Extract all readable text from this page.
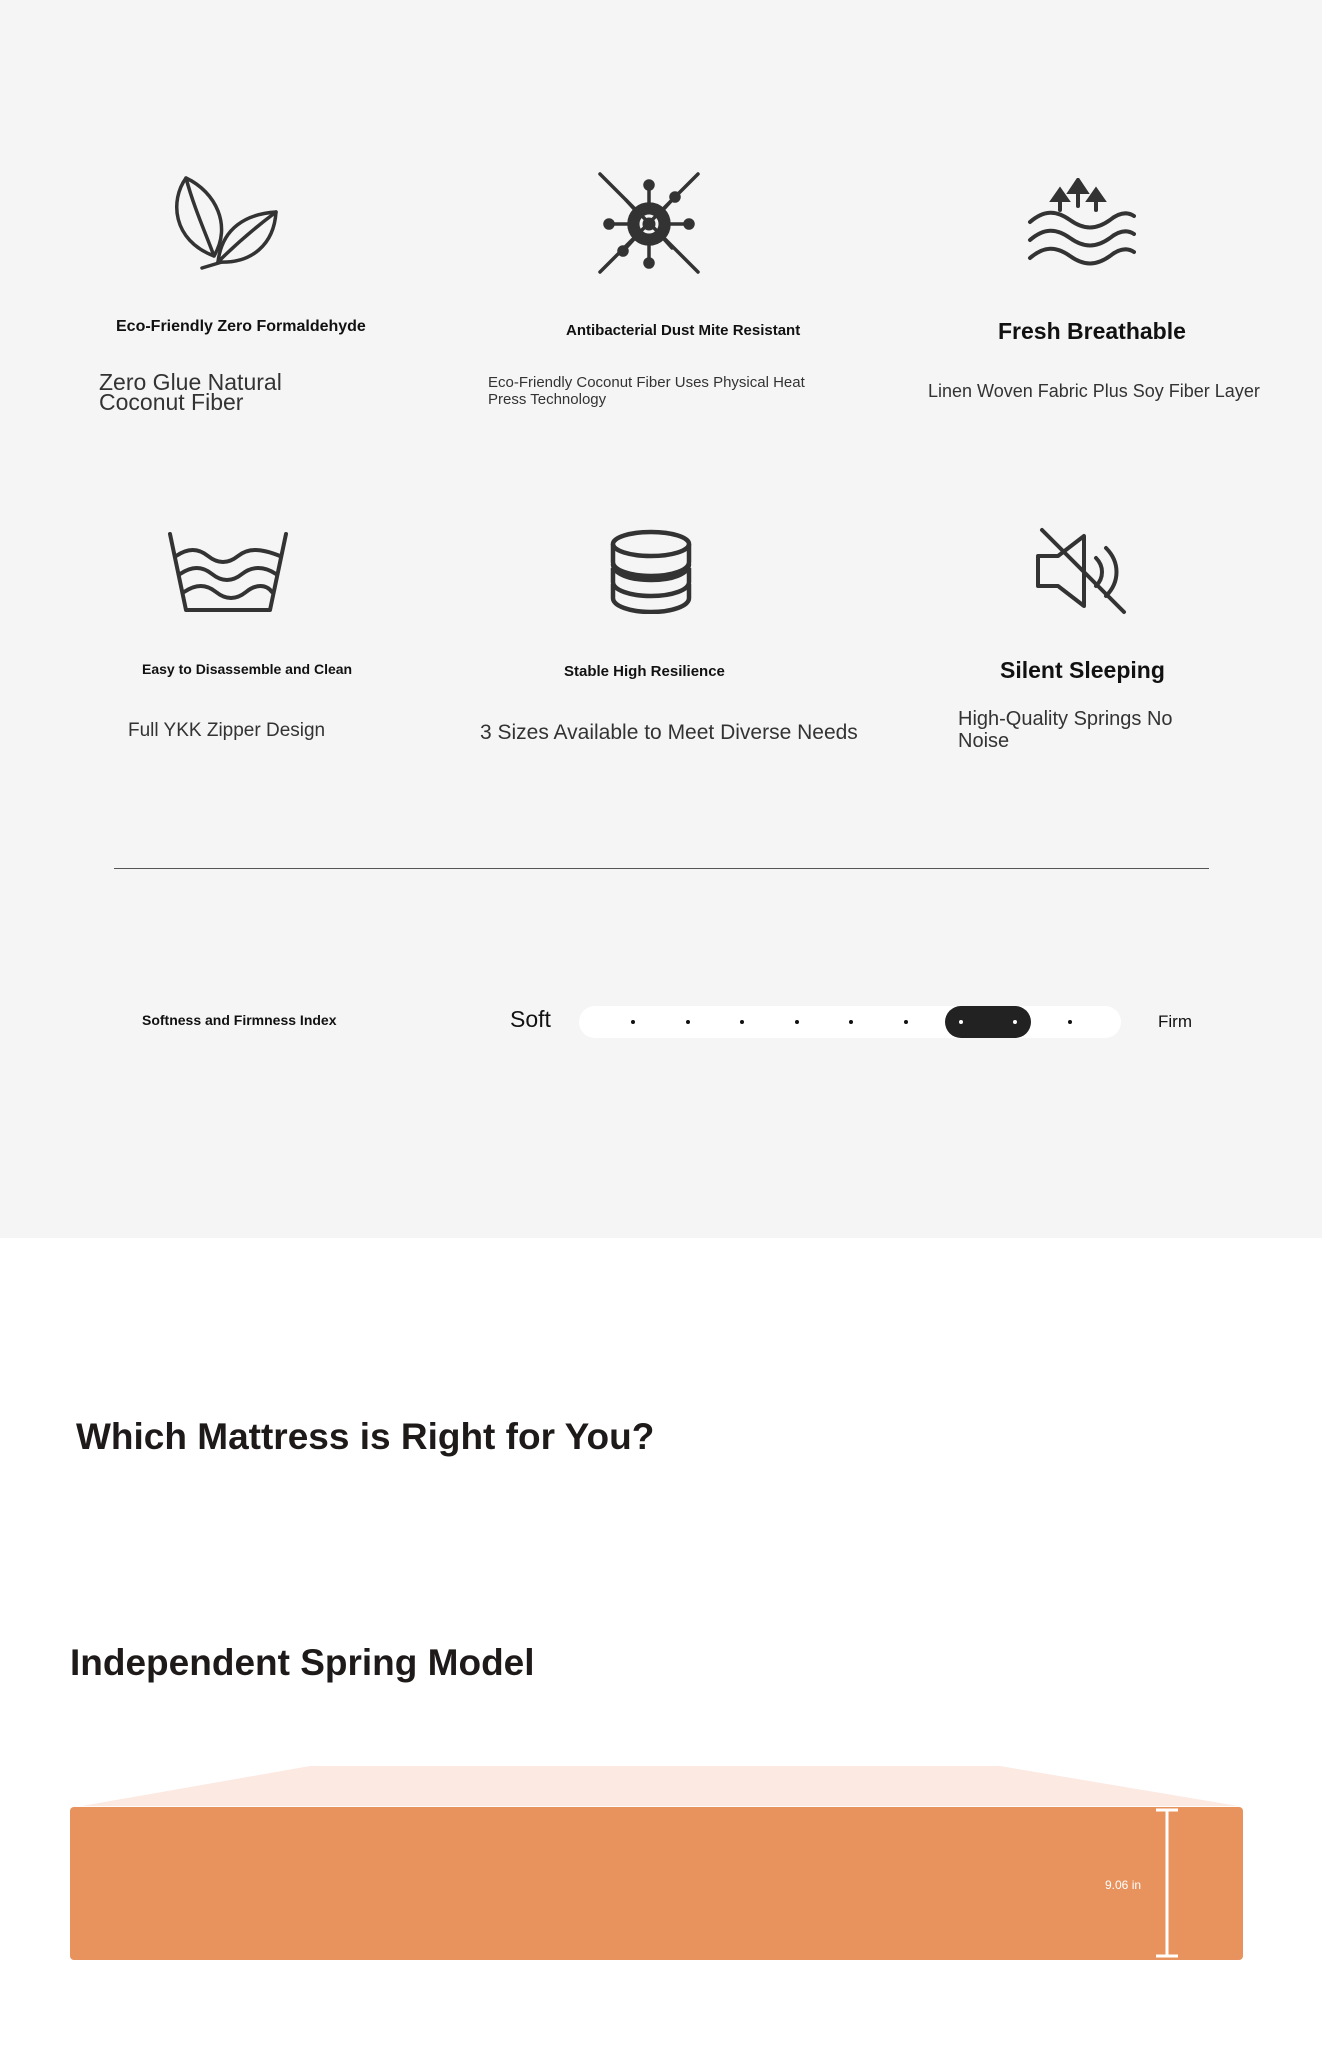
Eco-Friendly Zero Formaldehyde
Zero Glue Natural
Coconut Fiber
Antibacterial Dust Mite Resistant
Eco-Friendly Coconut Fiber Uses Physical Heat
Press Technology
Fresh Breathable
Linen Woven Fabric Plus Soy Fiber Layer
Easy to Disassemble and Clean
Full YKK Zipper Design
Stable High Resilience
3 Sizes Available to Meet Diverse Needs
Silent Sleeping
High-Quality Springs No
Noise
Softness and Firmness Index	Soft	Firm
Which Mattress is Right for You?
Independent Spring Model
9.06 in
